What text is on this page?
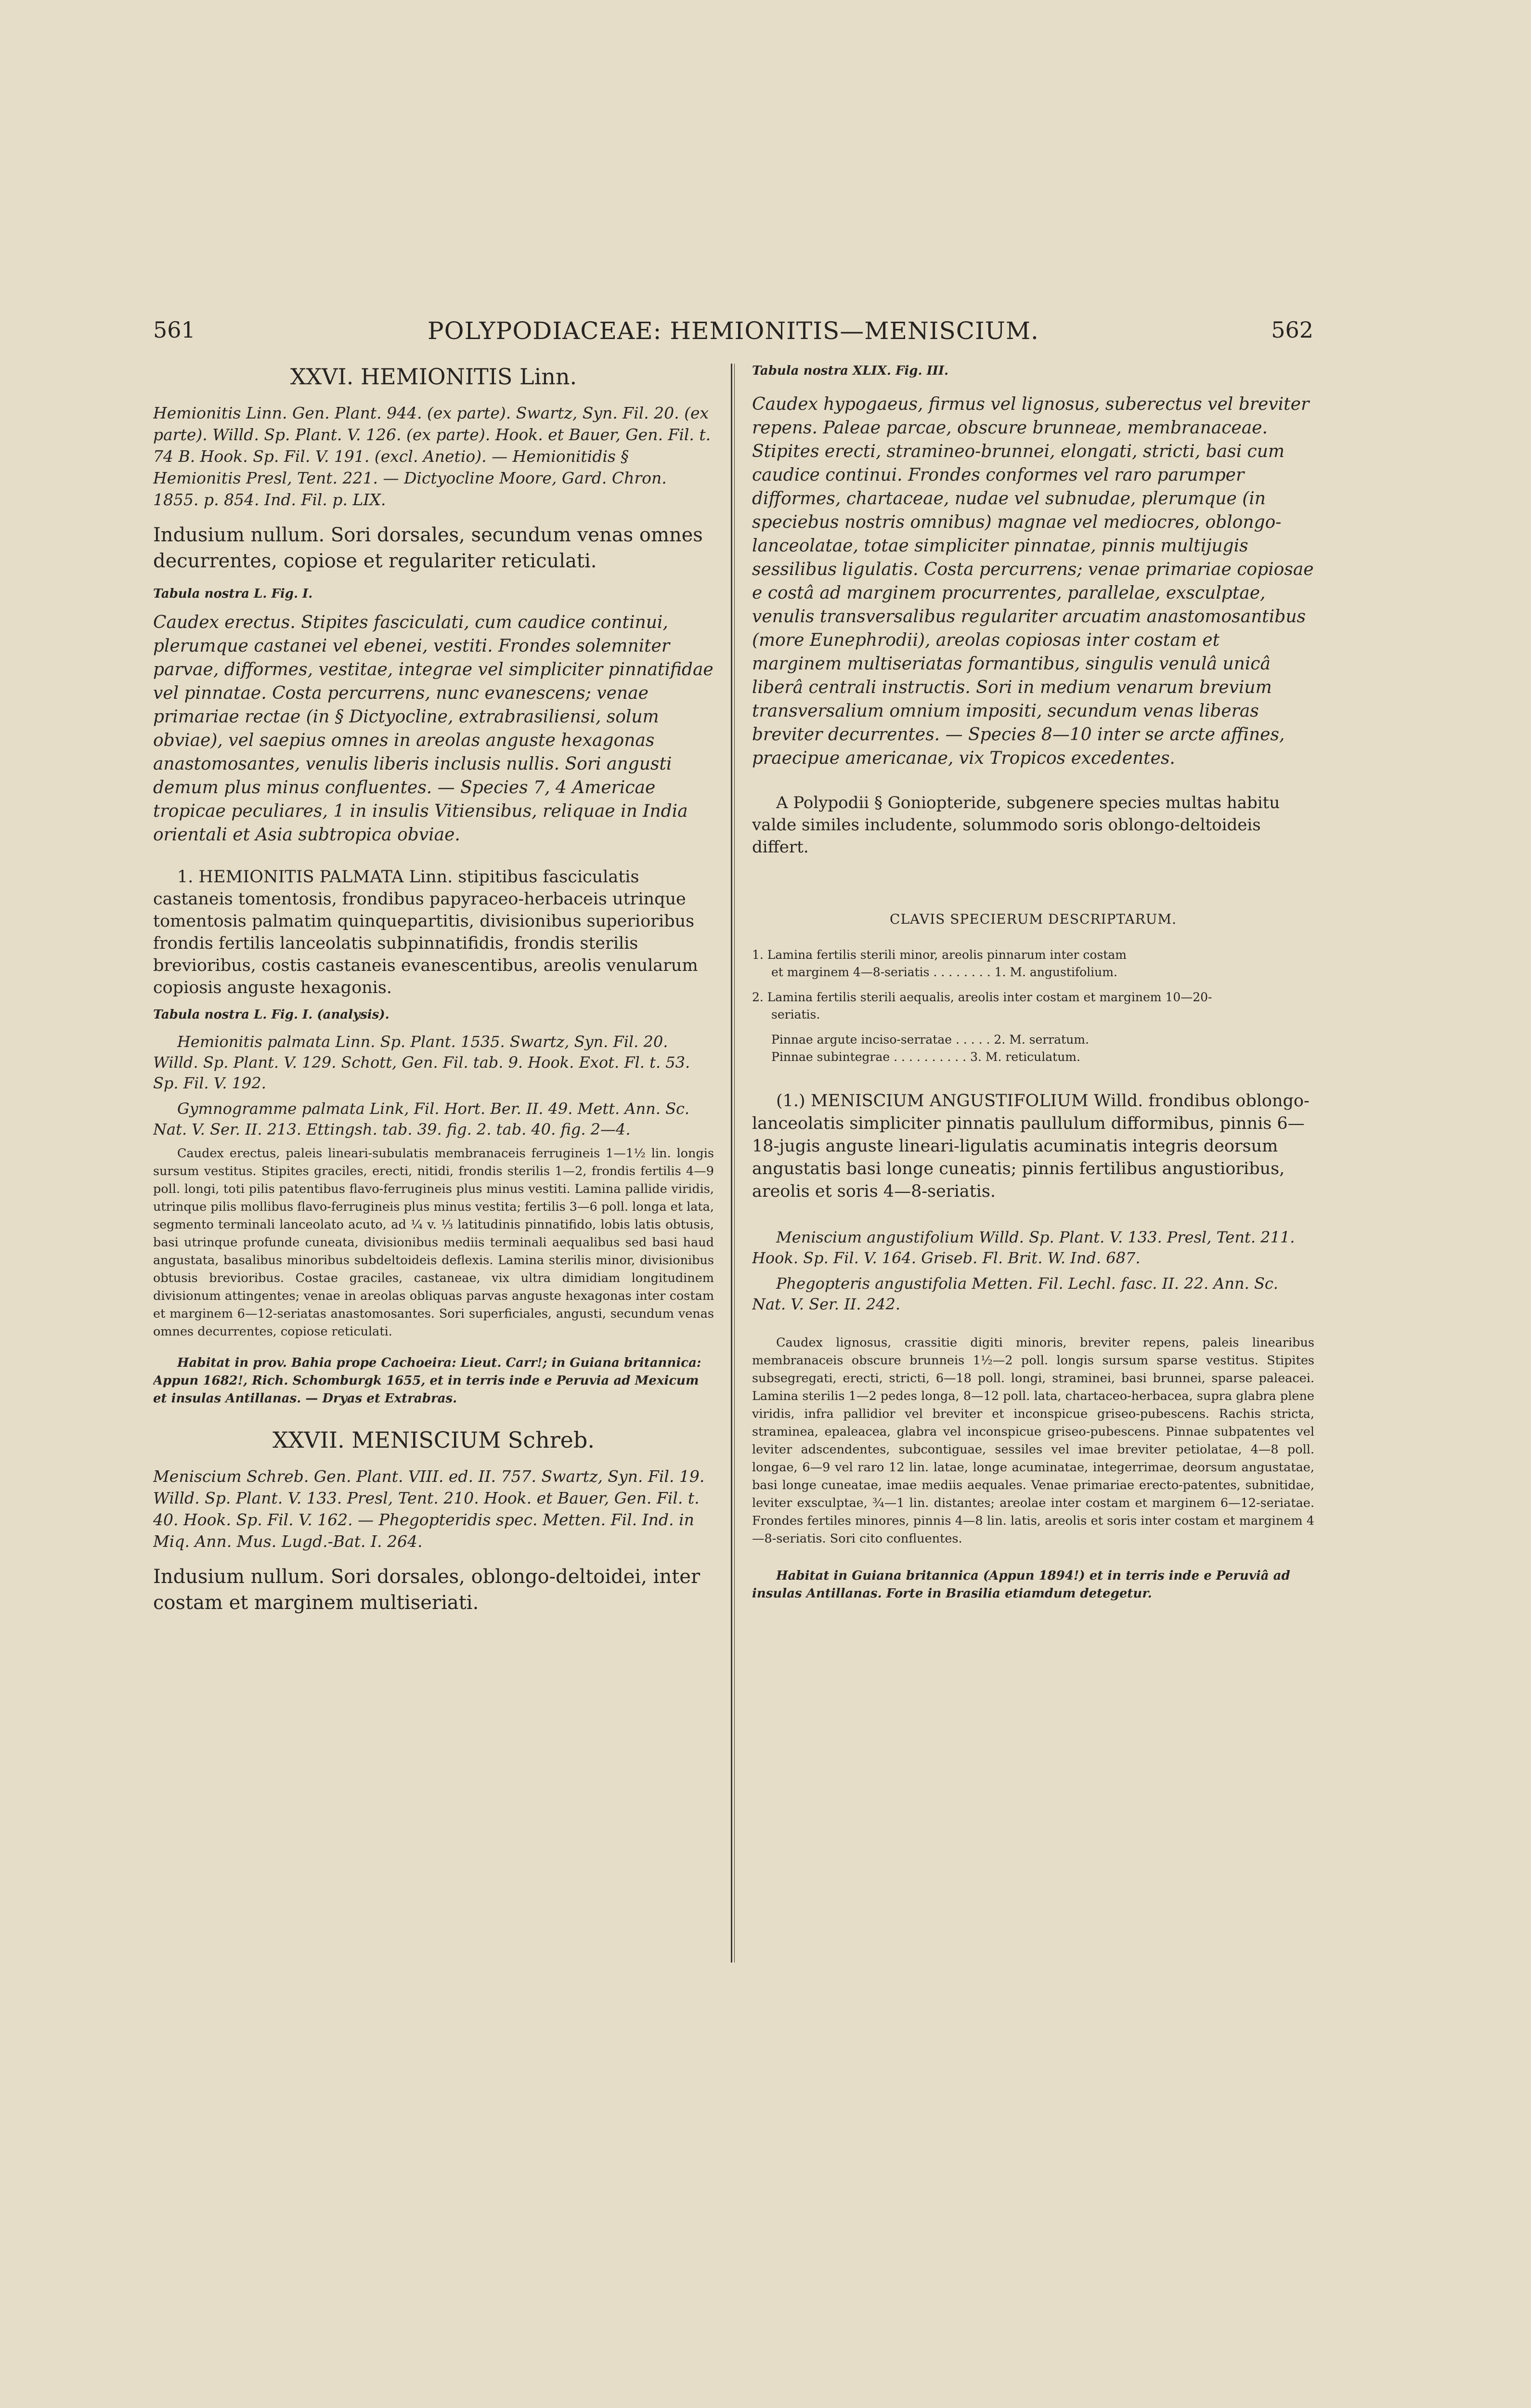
561	POLYPODIACEAE: HEMIONITIS—MENISCIUM.	562
XXVI. HEMIONITIS Linn.

Hemionitis Linn. Gen. Plant. 944. (ex parte). Swartz, Syn. Fil. 20. (ex parte). Willd. Sp. Plant. V. 126. (ex parte). Hook. et Bauer, Gen. Fil. t. 74 B. Hook. Sp. Fil. V. 191. (excl. Anetio). — Hemionitidis § Hemionitis Presl, Tent. 221. — Dictyocline Moore, Gard. Chron. 1855. p. 854. Ind. Fil. p. LIX.

Indusium nullum. Sori dorsales, secundum venas omnes decurrentes, copiose et regulariter reticulati.

Tabula nostra L. Fig. I.

Caudex erectus. Stipites fasciculati, cum caudice continui, plerumque castanei vel ebenei, vestiti. Frondes solemniter parvae, difformes, vestitae, integrae vel simpliciter pinnatifidae vel pinnatae. Costa percurrens, nunc evanescens; venae primariae rectae (in § Dictyocline, extrabrasiliensi, solum obviae), vel saepius omnes in areolas anguste hexagonas anastomosantes, venulis liberis inclusis nullis. Sori angusti demum plus minus confluentes. — Species 7, 4 Americae tropicae peculiares, 1 in insulis Vitiensibus, reliquae in India orientali et Asia subtropica obviae.

1. HEMIONITIS PALMATA Linn. stipitibus fasciculatis castaneis tomentosis, frondibus papyraceo-herbaceis utrinque tomentosis palmatim quinquepartitis, divisionibus superioribus frondis fertilis lanceolatis subpinnatifidis, frondis sterilis brevioribus, costis castaneis evanescentibus, areolis venularum copiosis anguste hexagonis.

Tabula nostra L. Fig. I. (analysis).

Hemionitis palmata Linn. Sp. Plant. 1535. Swartz, Syn. Fil. 20. Willd. Sp. Plant. V. 129. Schott, Gen. Fil. tab. 9. Hook. Exot. Fl. t. 53. Sp. Fil. V. 192.

Gymnogramme palmata Link, Fil. Hort. Ber. II. 49. Mett. Ann. Sc. Nat. V. Ser. II. 213. Ettingsh. tab. 39. fig. 2. tab. 40. fig. 2—4.

Caudex erectus, paleis lineari-subulatis membranaceis ferrugineis 1—1½ lin. longis sursum vestitus. Stipites graciles, erecti, nitidi, frondis sterilis 1—2, frondis fertilis 4—9 poll. longi, toti pilis patentibus flavo-ferrugineis plus minus vestiti. Lamina pallide viridis, utrinque pilis mollibus flavo-ferrugineis plus minus vestita; fertilis 3—6 poll. longa et lata, segmento terminali lanceolato acuto, ad ¼ v. ⅓ latitudinis pinnatifido, lobis latis obtusis, basi utrinque profunde cuneata, divisionibus mediis terminali aequalibus sed basi haud angustata, basalibus minoribus subdeltoideis deflexis. Lamina sterilis minor, divisionibus obtusis brevioribus. Costae graciles, castaneae, vix ultra dimidiam longitudinem divisionum attingentes; venae in areolas obliquas parvas anguste hexagonas inter costam et marginem 6—12-seriatas anastomosantes. Sori superficiales, angusti, secundum venas omnes decurrentes, copiose reticulati.

Habitat in prov. Bahia prope Cachoeira: Lieut. Carr!; in Guiana britannica: Appun 1682!, Rich. Schomburgk 1655, et in terris inde e Peruvia ad Mexicum et insulas Antillanas. — Dryas et Extrabras.

XXVII. MENISCIUM Schreb.

Meniscium Schreb. Gen. Plant. VIII. ed. II. 757. Swartz, Syn. Fil. 19. Willd. Sp. Plant. V. 133. Presl, Tent. 210. Hook. et Bauer, Gen. Fil. t. 40. Hook. Sp. Fil. V. 162. — Phegopteridis spec. Metten. Fil. Ind. in Miq. Ann. Mus. Lugd.-Bat. I. 264.

Indusium nullum. Sori dorsales, oblongo-deltoidei, inter costam et marginem multiseriati.

Tabula nostra XLIX. Fig. III.

Caudex hypogaeus, firmus vel lignosus, suberectus vel breviter repens. Paleae parcae, obscure brunneae, membranaceae. Stipites erecti, stramineo-brunnei, elongati, stricti, basi cum caudice continui. Frondes conformes vel raro parumper difformes, chartaceae, nudae vel subnudae, plerumque (in speciebus nostris omnibus) magnae vel mediocres, oblongo-lanceolatae, totae simpliciter pinnatae, pinnis multijugis sessilibus ligulatis. Costa percurrens; venae primariae copiosae e costâ ad marginem procurrentes, parallelae, exsculptae, venulis transversalibus regulariter arcuatim anastomosantibus (more Eunephrodii), areolas copiosas inter costam et marginem multiseriatas formantibus, singulis venulâ unicâ liberâ centrali instructis. Sori in medium venarum brevium transversalium omnium impositi, secundum venas liberas breviter decurrentes. — Species 8—10 inter se arcte affines, praecipue americanae, vix Tropicos excedentes.

A Polypodii § Goniopteride, subgenere species multas habitu valde similes includente, solummodo soris oblongo-deltoideis differt.

CLAVIS SPECIERUM DESCRIPTARUM.

1. Lamina fertilis sterili minor, areolis pinnarum inter costam

et marginem 4—8-seriatis . . . . . . . . 1. M. angustifolium.

2. Lamina fertilis sterili aequalis, areolis inter costam et marginem 10—20-

seriatis.

Pinnae argute inciso-serratae . . . . . 2. M. serratum.

Pinnae subintegrae . . . . . . . . . . 3. M. reticulatum.

(1.) MENISCIUM ANGUSTIFOLIUM Willd. frondibus oblongo-lanceolatis simpliciter pinnatis paullulum difformibus, pinnis 6—18-jugis anguste lineari-ligulatis acuminatis integris deorsum angustatis basi longe cuneatis; pinnis fertilibus angustioribus, areolis et soris 4—8-seriatis.

Meniscium angustifolium Willd. Sp. Plant. V. 133. Presl, Tent. 211. Hook. Sp. Fil. V. 164. Griseb. Fl. Brit. W. Ind. 687.

Phegopteris angustifolia Metten. Fil. Lechl. fasc. II. 22. Ann. Sc. Nat. V. Ser. II. 242.

Caudex lignosus, crassitie digiti minoris, breviter repens, paleis linearibus membranaceis obscure brunneis 1½—2 poll. longis sursum sparse vestitus. Stipites subsegregati, erecti, stricti, 6—18 poll. longi, straminei, basi brunnei, sparse paleacei. Lamina sterilis 1—2 pedes longa, 8—12 poll. lata, chartaceo-herbacea, supra glabra plene viridis, infra pallidior vel breviter et inconspicue griseo-pubescens. Rachis stricta, straminea, epaleacea, glabra vel inconspicue griseo-pubescens. Pinnae subpatentes vel leviter adscendentes, subcontiguae, sessiles vel imae breviter petiolatae, 4—8 poll. longae, 6—9 vel raro 12 lin. latae, longe acuminatae, integerrimae, deorsum angustatae, basi longe cuneatae, imae mediis aequales. Venae primariae erecto-patentes, subnitidae, leviter exsculptae, ¾—1 lin. distantes; areolae inter costam et marginem 6—12-seriatae. Frondes fertiles minores, pinnis 4—8 lin. latis, areolis et soris inter costam et marginem 4—8-seriatis. Sori cito confluentes.

Habitat in Guiana britannica (Appun 1894!) et in terris inde e Peruviâ ad insulas Antillanas. Forte in Brasilia etiamdum detegetur.
